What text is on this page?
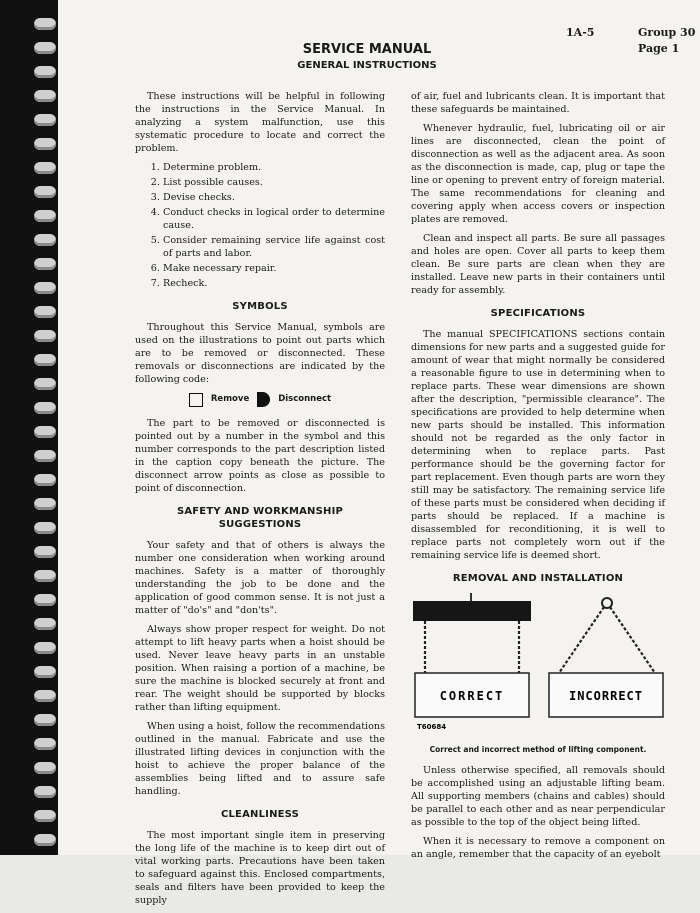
1A-5	Group 30
Page 1
SERVICE MANUAL
GENERAL INSTRUCTIONS

These instructions will be helpful in following the instructions in the Service Manual. In analyzing a system malfunction, use this systematic procedure to locate and correct the problem.

1. Determine problem.
2. List possible causes.
3. Devise checks.
4. Conduct checks in logical order to determine cause.
5. Consider remaining service life against cost of parts and labor.
6. Make necessary repair.
7. Recheck.
SYMBOLS

Throughout this Service Manual, symbols are used on the illustrations to point out parts which are to be removed or disconnected. These removals or disconnections are indicated by the following code:

Remove	Disconnect

The part to be removed or disconnected is pointed out by a number in the symbol and this number corresponds to the part description listed in the caption copy beneath the picture. The disconnect arrow points as close as possible to point of disconnection.

SAFETY AND WORKMANSHIP SUGGESTIONS

Your safety and that of others is always the number one consideration when working around machines. Safety is a matter of thoroughly understanding the job to be done and the application of good common sense. It is not just a matter of "do's" and "don'ts".

Always show proper respect for weight. Do not attempt to lift heavy parts when a hoist should be used. Never leave heavy parts in an unstable position. When raising a portion of a machine, be sure the machine is blocked securely at front and rear. The weight should be supported by blocks rather than lifting equipment.

When using a hoist, follow the recommendations outlined in the manual. Fabricate and use the illustrated lifting devices in conjunction with the hoist to achieve the proper balance of the assemblies being lifted and to assure safe handling.

CLEANLINESS

The most important single item in preserving the long life of the machine is to keep dirt out of vital working parts. Precautions have been taken to safeguard against this. Enclosed compartments, seals and filters have been provided to keep the supply

of air, fuel and lubricants clean. It is important that these safeguards be maintained.

Whenever hydraulic, fuel, lubricating oil or air lines are disconnected, clean the point of disconnection as well as the adjacent area. As soon as the disconnection is made, cap, plug or tape the line or opening to prevent entry of foreign material. The same recommendations for cleaning and covering apply when access covers or inspection plates are removed.

Clean and inspect all parts. Be sure all passages and holes are open. Cover all parts to keep them clean. Be sure parts are clean when they are installed. Leave new parts in their containers until ready for assembly.

SPECIFICATIONS

The manual SPECIFICATIONS sections contain dimensions for new parts and a suggested guide for amount of wear that might normally be considered a reasonable figure to use in determining when to replace parts. These wear dimensions are shown after the description, "permissible clearance". The specifications are provided to help determine when new parts should be installed. This information should not be regarded as the only factor in determining when to replace parts. Past performance should be the governing factor for part replacement. Even though parts are worn they still may be satisfactory. The remaining service life of these parts must be considered when deciding if parts should be replaced. If a machine is disassembled for reconditioning, it is well to replace parts not completely worn out if the remaining service life is deemed short.

REMOVAL AND INSTALLATION
CORRECT
T60684
INCORRECT
Correct and incorrect method of lifting component.

Unless otherwise specified, all removals should be accomplished using an adjustable lifting beam. All supporting members (chains and cables) should be parallel to each other and as near perpendicular as possible to the top of the object being lifted.

When it is necessary to remove a component on an angle, remember that the capacity of an eyebolt
